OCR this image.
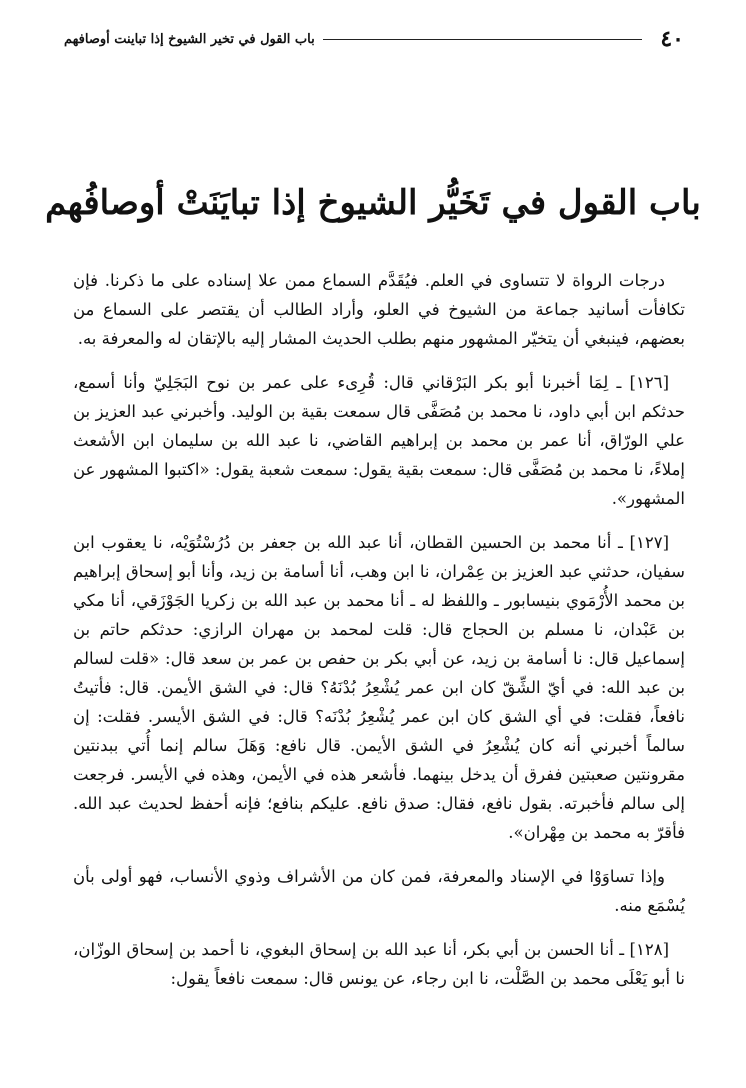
٤٠
باب القول في تخير الشيوخ إذا تباينت أوصافهم
باب القول في تَخَيُّر الشيوخ إذا تبايَنَتْ أوصافُهم

درجات الرواة لا تتساوى في العلم. فيُقَدَّم السماع ممن علا إسناده على ما ذكرنا. فإن تكافأت أسانيد جماعة من الشيوخ في العلو، وأراد الطالب أن يقتصر على السماع من بعضهم، فينبغي أن يتخيّر المشهور منهم بطلب الحديث المشار إليه بالإتقان له والمعرفة به.

[١٢٦] ـ لِمَا أخبرنا أبو بكر البَرْقاني قال: قُرِىء على عمر بن نوح البَجَلِيّ وأنا أسمع، حدثكم ابن أبي داود، نا محمد بن مُصَفَّى قال سمعت بقية بن الوليد. وأخبرني عبد العزيز بن علي الورّاق، أنا عمر بن محمد بن إبراهيم القاضي، نا عبد الله بن سليمان ابن الأشعث إملاءً، نا محمد بن مُصَفَّى قال: سمعت بقية يقول: سمعت شعبة يقول: «اكتبوا المشهور عن المشهور».

[١٢٧] ـ أنا محمد بن الحسين القطان، أنا عبد الله بن جعفر بن دُرُسْتُوَيْه، نا يعقوب ابن سفيان، حدثني عبد العزيز بن عِمْران، نا ابن وهب، أنا أسامة بن زيد، وأنا أبو إسحاق إبراهيم بن محمد الأُرْمَوي بنيسابور ـ واللفظ له ـ أنا محمد بن عبد الله بن زكريا الجَوْزَقي، أنا مكي بن عَبْدان، نا مسلم بن الحجاج قال: قلت لمحمد بن مهران الرازي: حدثكم حاتم بن إسماعيل قال: نا أسامة بن زيد، عن أبي بكر بن حفص بن عمر بن سعد قال: «قلت لسالم بن عبد الله: في أيّ الشِّقّ كان ابن عمر يُشْعِرُ بُدْنَهُ؟ قال: في الشق الأيمن. قال: فأتيتُ نافعاً، فقلت: في أي الشق كان ابن عمر يُشْعِرُ بُدْنَه؟ قال: في الشق الأيسر. فقلت: إن سالماً أخبرني أنه كان يُشْعِرُ في الشق الأيمن. قال نافع: وَهَلَ سالم إنما أُتي ببدنتين مقرونتين صعبتين ففرق أن يدخل بينهما. فأشعر هذه في الأيمن، وهذه في الأيسر. فرجعت إلى سالم فأخبرته. بقول نافع، فقال: صدق نافع. عليكم بنافع؛ فإنه أحفظ لحديث عبد الله. فأقرّ به محمد بن مِهْران».

وإذا تساوَوْا في الإسناد والمعرفة، فمن كان من الأشراف وذوي الأنساب، فهو أولى بأن يُسْمَع منه.

[١٢٨] ـ أنا الحسن بن أبي بكر، أنا عبد الله بن إسحاق البغوي، نا أحمد بن إسحاق الوزّان، نا أبو يَعْلَى محمد بن الصَّلْت، نا ابن رجاء، عن يونس قال: سمعت نافعاً يقول:
